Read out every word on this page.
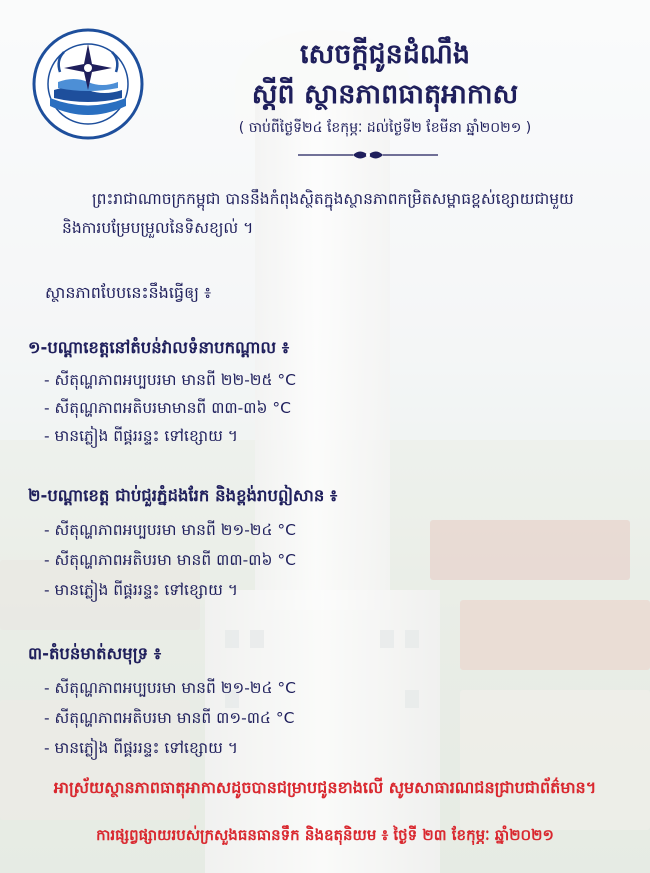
សេចក្តីជូនដំណឹង
ស្តីពី ស្ថានភាពធាតុអាកាស
( ចាប់ពីថ្ងៃទី២៤ ខែកុម្ភៈ ដល់ថ្ងៃទី២ ខែមីនា ឆ្នាំ២០២១ )
ព្រះរាជាណាចក្រកម្ពុជា បាននឹងកំពុងស្ថិតក្នុងស្ថានភាពកម្រិតសម្ពាធខ្ពស់ខ្សោយជាមួយ
និងការបម្រែបម្រួលនៃទិសខ្យល់ ។
ស្ថានភាពបែបនេះនឹងធ្វើឲ្យ ៖
១-បណ្តាខេត្តនៅតំបន់វាលទំនាបកណ្តាល ៖
- សីតុណ្ហភាពអប្បបរមា មានពី ២២-២៥ °C
- សីតុណ្ហភាពអតិបរមាមានពី ៣៣-៣៦ °C
- មានភ្លៀង ពីផ្គររន្ទះ ទៅខ្សោយ ។
២-បណ្តាខេត្ត ជាប់ជួរភ្នំដងរែក និងខ្ពង់រាបឦសាន ៖
- សីតុណ្ហភាពអប្បបរមា មានពី ២១-២៤ °C
- សីតុណ្ហភាពអតិបរមា មានពី ៣៣-៣៦ °C
- មានភ្លៀង ពីផ្គររន្ទះ ទៅខ្សោយ ។
៣-តំបន់មាត់សមុទ្រ ៖
- សីតុណ្ហភាពអប្បបរមា មានពី ២១-២៤ °C
- សីតុណ្ហភាពអតិបរមា មានពី ៣១-៣៤ °C
- មានភ្លៀង ពីផ្គររន្ទះ ទៅខ្សោយ ។
អាស្រ័យស្ថានភាពធាតុអាកាសដូចបានជម្រាបជូនខាងលើ សូមសាធារណជនជ្រាបជាព័ត៌មាន។
ការផ្សព្វផ្សាយរបស់ក្រសួងធនធានទឹក និងឧតុនិយម ៖ ថ្ងៃទី ២៣ ខែកុម្ភៈ ឆ្នាំ២០២១
